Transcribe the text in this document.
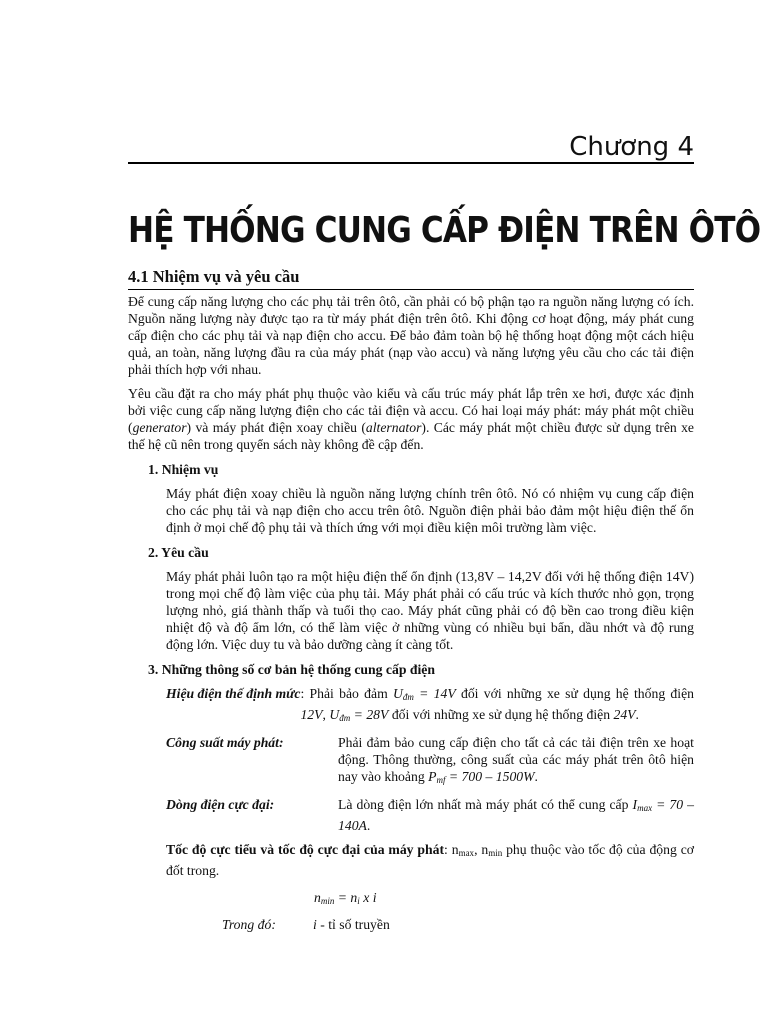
Chương 4
HỆ THỐNG CUNG CẤP ĐIỆN TRÊN ÔTÔ
4.1 Nhiệm vụ và yêu cầu

Để cung cấp năng lượng cho các phụ tải trên ôtô, cần phải có bộ phận tạo ra nguồn năng lượng có ích. Nguồn năng lượng này được tạo ra từ máy phát điện trên ôtô. Khi động cơ hoạt động, máy phát cung cấp điện cho các phụ tải và nạp điện cho accu. Để bảo đảm toàn bộ hệ thống hoạt động một cách hiệu quả, an toàn, năng lượng đầu ra của máy phát (nạp vào accu) và năng lượng yêu cầu cho các tải điện phải thích hợp với nhau.

Yêu cầu đặt ra cho máy phát phụ thuộc vào kiểu và cấu trúc máy phát lắp trên xe hơi, được xác định bởi việc cung cấp năng lượng điện cho các tải điện và accu. Có hai loại máy phát: máy phát một chiều (generator) và máy phát điện xoay chiều (alternator). Các máy phát một chiều được sử dụng trên xe thế hệ cũ nên trong quyển sách này không đề cập đến.

1. Nhiệm vụ

Máy phát điện xoay chiều là nguồn năng lượng chính trên ôtô. Nó có nhiệm vụ cung cấp điện cho các phụ tải và nạp điện cho accu trên ôtô. Nguồn điện phải bảo đảm một hiệu điện thế ổn định ở mọi chế độ phụ tải và thích ứng với mọi điều kiện môi trường làm việc.

2. Yêu cầu

Máy phát phải luôn tạo ra một hiệu điện thế ổn định (13,8V – 14,2V đối với hệ thống điện 14V) trong mọi chế độ làm việc của phụ tải. Máy phát phải có cấu trúc và kích thước nhỏ gọn, trọng lượng nhỏ, giá thành thấp và tuổi thọ cao. Máy phát cũng phải có độ bền cao trong điều kiện nhiệt độ và độ ẩm lớn, có thể làm việc ở những vùng có nhiều bụi bẩn, dầu nhớt và độ rung động lớn. Việc duy tu và bảo dưỡng càng ít càng tốt.

3. Những thông số cơ bản hệ thống cung cấp điện
Hiệu điện thế định mức : Phải bảo đảm $U_{đm} = 14V$ đối với những xe sử dụng hệ thống điện 12V, $U_{đm} = 28V$ đối với những xe sử dụng hệ thống điện 24V.
Công suất máy phát:	Phải đảm bảo cung cấp điện cho tất cả các tải điện trên xe hoạt động. Thông thường, công suất của các máy phát trên ôtô hiện nay vào khoảng $P_{mf} = 700 - 1500W$.
Dòng điện cực đại:	Là dòng điện lớn nhất mà máy phát có thể cung cấp $I_{max} = 70 - 140A$.
Tốc độ cực tiểu và tốc độ cực đại của máy phát: $n_{max}$, $n_{min}$ phụ thuộc vào tốc độ của động cơ đốt trong.
$n_{min} = n_i$ x i
Trong đó:	i - tỉ số truyền
